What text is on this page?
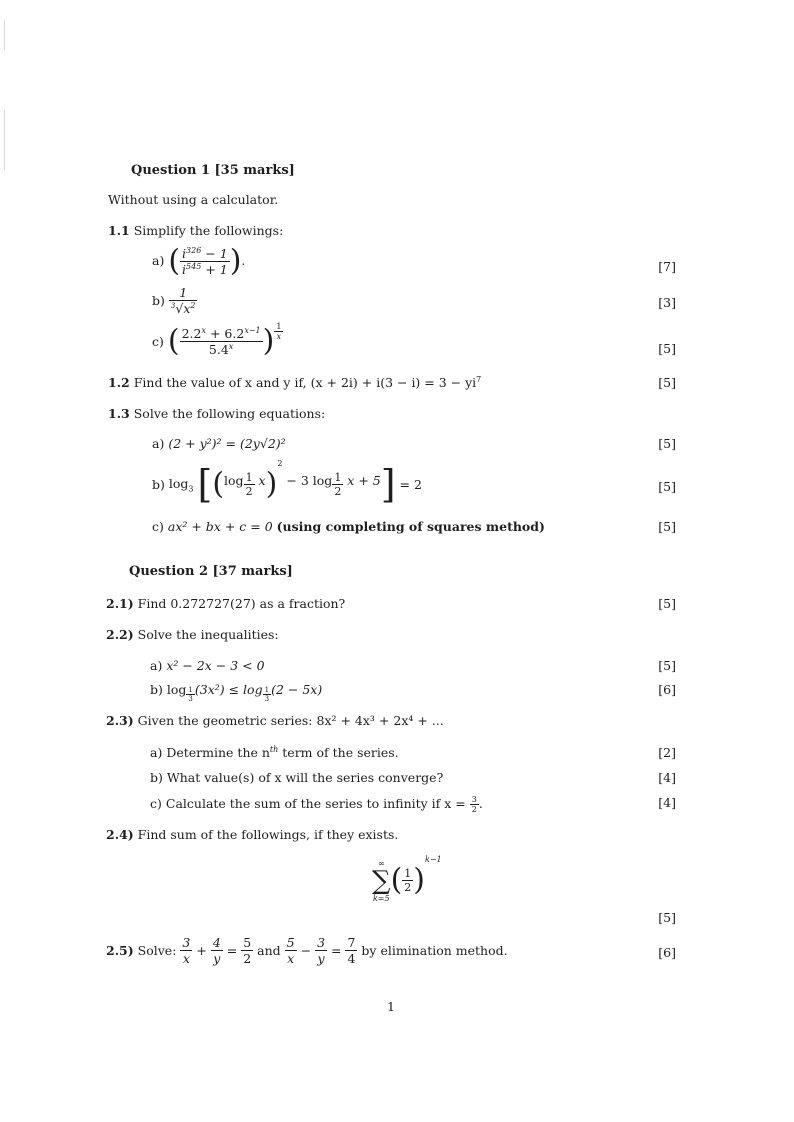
Question 1 [35 marks]
Without using a calculator.
1.1 Simplify the followings:
a) ( $\frac{i^{326} - 1}{i^{545} + 1}$ ).	[7]
$b) \frac{1}{^3√x^2}$	[3]
c) ( $\frac{2.2^x + 6.2^{x-1}}{5.4^x}$ ) $\frac{1}{x}$
[5]
1.2 Find the value of x and y if, $(x + 2i) + i(3 - i) = 3 - yi^7$	[5]
1.3 Solve the following equations:
a) (2 + y²)² = (2y√2)²	[5]
b) $\log_3 [(\log \frac{1}{2} x)^2 - 3$ $\log \frac{1}{2}$ x + 5] = 2	[5]
c) ax² + bx + c = 0 (using completing of squares method)	[5]
Question 2 [37 marks]
2.1) Find 0.272727(27) as a fraction?	[5]
2.2) Solve the inequalities:
a) x² − 2x − 3 < 0	[5]
b) $\log \frac{1}{3} (3x^2) \le \log \frac{1}{3} (2 - 5x)$	[6]
2.3) Given the geometric series: 8x² + 4x³ + 2x⁴ + ...
a) Determine the $n^{th}$ term of the series.	[2]
b) What value(s) of x will the series converge?	[4]
c) Calculate the sum of the series to infinity if $x = \frac{3}{2}$ .	[4]
2.4) Find sum of the followings, if they exists.
∞
∑
k=5
( $\frac{1}{2} )^{k-1}$
[5]
2.5) Solve: $\frac{3}{x} + \frac{4}{y} = \frac{5}{2}$ and $\frac{5}{x} - \frac{3}{y} = \frac{7}{4}$ by elimination method.	[6]
1
